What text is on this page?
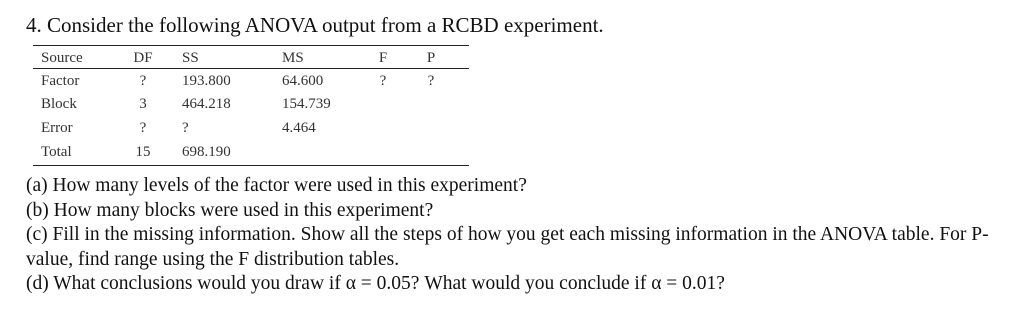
4. Consider the following ANOVA output from a RCBD experiment.
Source	DF SS	MS	F	P
Factor	?	193.800	64.600	?	?
Block	3	464.218	154.739
Error	?	?	4.464
Total	15 698.190

(a) How many levels of the factor were used in this experiment?

(b) How many blocks were used in this experiment?

(c) Fill in the missing information. Show all the steps of how you get each missing information in the ANOVA table. For P-value, find range using the F distribution tables.

(d) What conclusions would you draw if α = 0.05? What would you conclude if α = 0.01?
